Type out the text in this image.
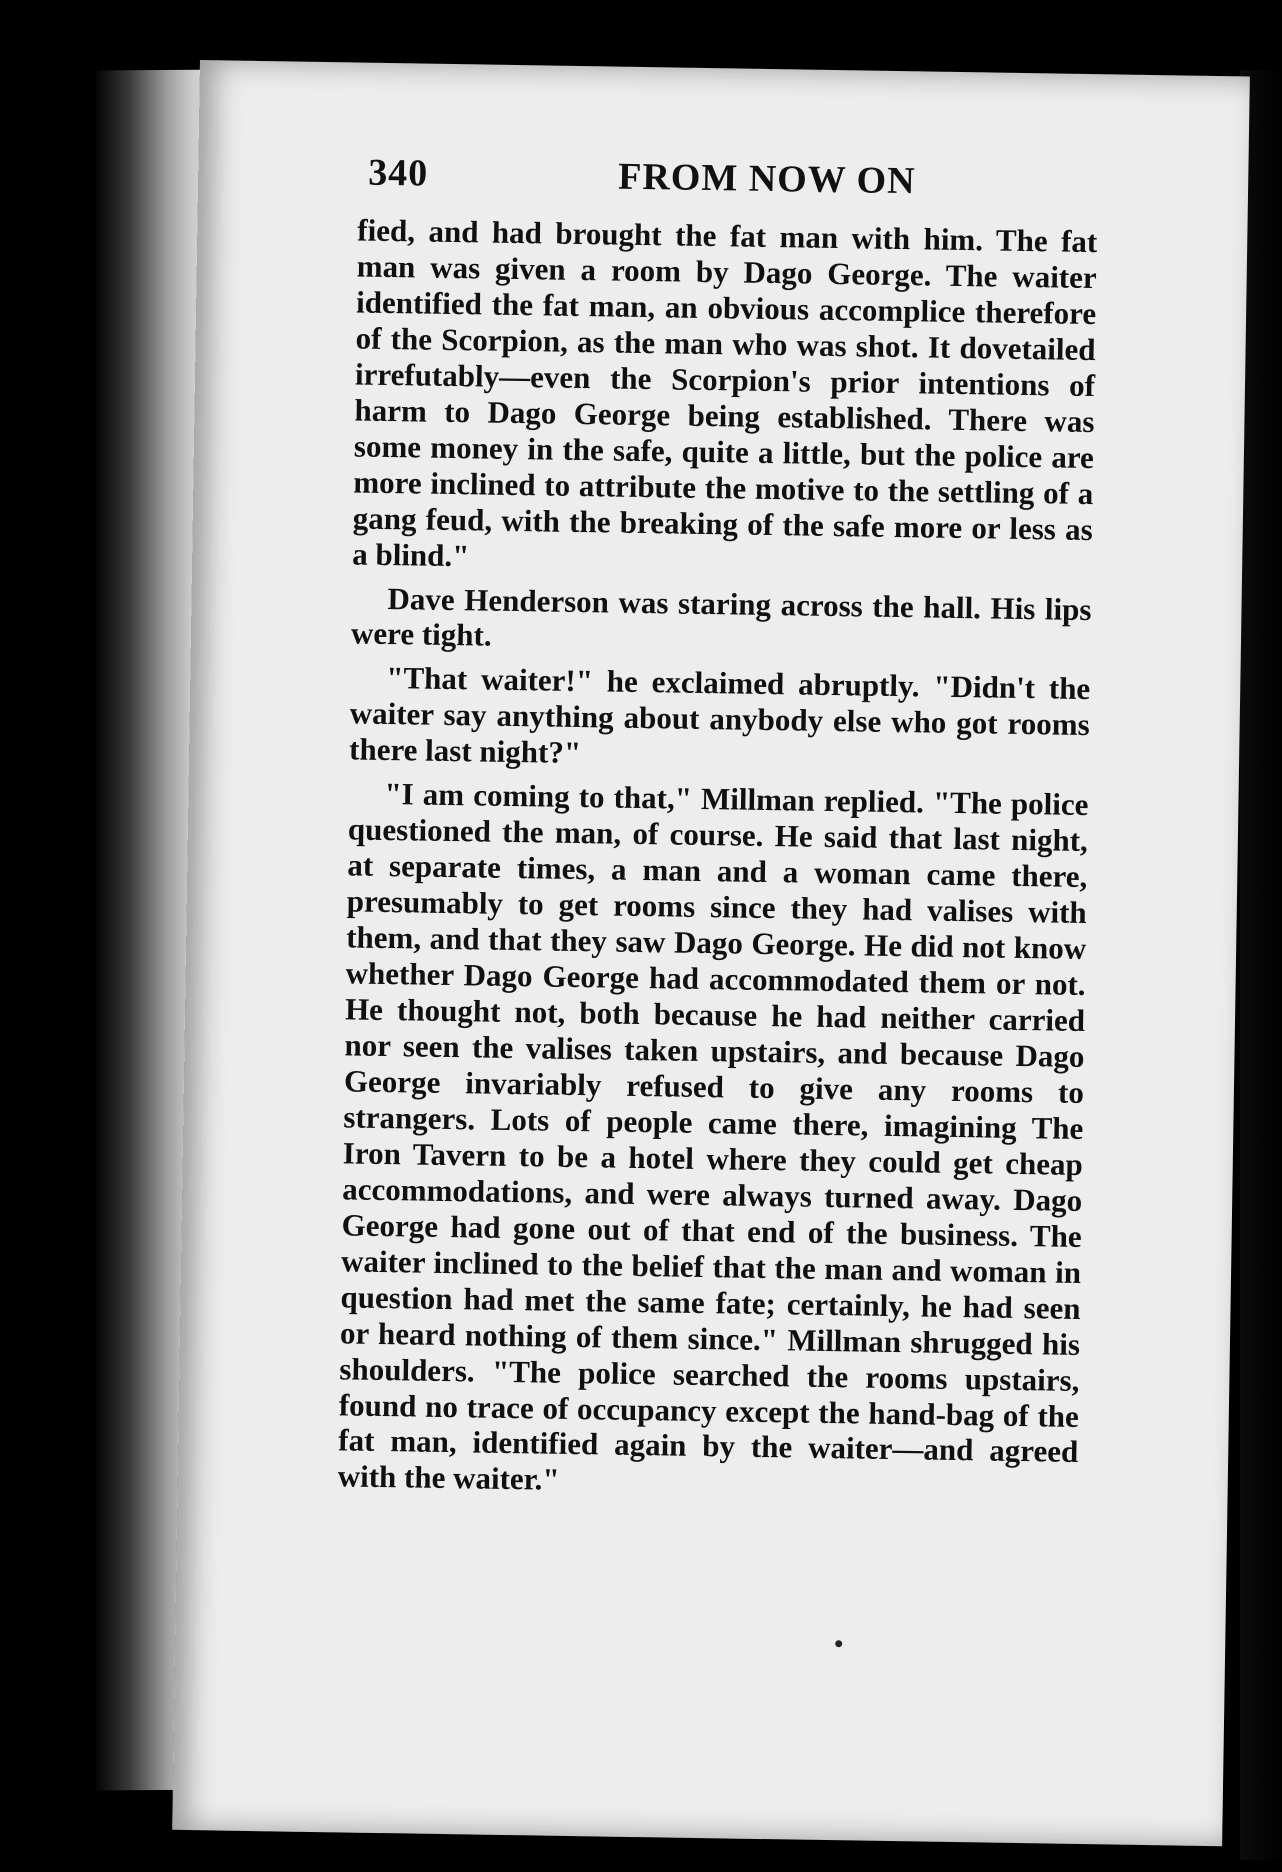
340	FROM NOW ON

fied, and had brought the fat man with him. The fat man was given a room by Dago George. The waiter identified the fat man, an obvious accomplice therefore of the Scorpion, as the man who was shot. It dovetailed irrefutably—even the Scorpion's prior intentions of harm to Dago George being established. There was some money in the safe, quite a little, but the police are more inclined to attribute the motive to the settling of a gang feud, with the breaking of the safe more or less as a blind."

Dave Henderson was staring across the hall. His lips were tight.

"That waiter!" he exclaimed abruptly. "Didn't the waiter say anything about anybody else who got rooms there last night?"

"I am coming to that," Millman replied. "The police questioned the man, of course. He said that last night, at separate times, a man and a woman came there, presumably to get rooms since they had valises with them, and that they saw Dago George. He did not know whether Dago George had accommodated them or not. He thought not, both because he had neither carried nor seen the valises taken upstairs, and because Dago George invariably refused to give any rooms to strangers. Lots of people came there, imagining The Iron Tavern to be a hotel where they could get cheap accommodations, and were always turned away. Dago George had gone out of that end of the business. The waiter inclined to the belief that the man and woman in question had met the same fate; certainly, he had seen or heard nothing of them since." Millman shrugged his shoulders. "The police searched the rooms upstairs, found no trace of occupancy except the hand-bag of the fat man, identified again by the waiter—and agreed with the waiter."
